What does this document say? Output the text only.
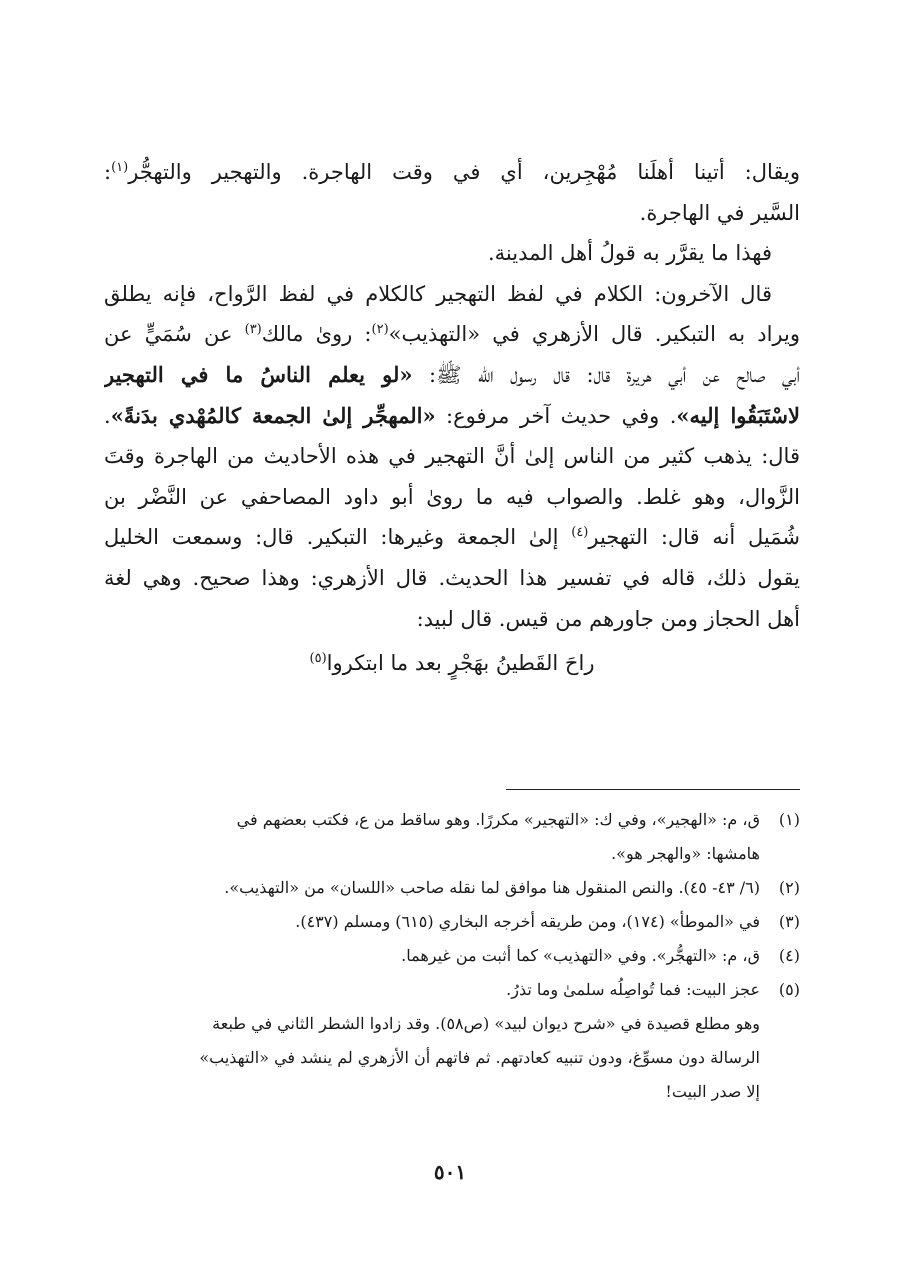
ويقال: أتينا أهلَنا مُهْجِرين، أي في وقت الهاجرة. والتهجير والتهجُّر$^{(١)}$:
السَّير في الهاجرة.

فهذا ما يقرَّر به قولُ أهل المدينة.

قال الآخرون: الكلام في لفظ التهجير كالكلام في لفظ الرَّواح، فإنه يطلق
ويراد به التبكير. قال الأزهري في «التهذيب»$^{(٢)}$: روىٰ مالك$^{(٣)}$ عن سُمَيٍّ عن
أبي صالح عن أبي هريرة قال: قال رسول الله ﷺ: «لو يعلم الناسُ ما في التهجير
لاسْتَبَقُوا إليه». وفي حديث آخر مرفوع: «المهجِّر إلىٰ الجمعة كالمُهْدي بدَنةً».
قال: يذهب كثير من الناس إلىٰ أنَّ التهجير في هذه الأحاديث من الهاجرة وقتَ
الزَّوال، وهو غلط. والصواب فيه ما روىٰ أبو داود المصاحفي عن النَّضْر بن
شُمَيل أنه قال: التهجير$^{(٤)}$ إلىٰ الجمعة وغيرها: التبكير. قال: وسمعت الخليل
يقول ذلك، قاله في تفسير هذا الحديث. قال الأزهري: وهذا صحيح. وهي لغة
أهل الحجاز ومن جاورهم من قيس. قال لبيد:

راحَ القَطينُ بهَجْرٍ بعد ما ابتكروا$^{(٥)}$
(١)
ق، م: «الهجير»، وفي ك: «التهجير» مكررًا. وهو ساقط من ع، فكتب بعضهم في
هامشها: «والهجر هو».
(٢)
(٦/ ٤٣- ٤٥). والنص المنقول هنا موافق لما نقله صاحب «اللسان» من «التهذيب».
(٣)
في «الموطأ» (١٧٤)، ومن طريقه أخرجه البخاري (٦١٥) ومسلم (٤٣٧).
(٤)
ق، م: «التهجُّر». وفي «التهذيب» كما أثبت من غيرهما.
(٥)
عجز البيت: فما تُواصِلُه سلمىٰ وما تذرُ.
وهو مطلع قصيدة في «شرح ديوان لبيد» (ص٥٨). وقد زادوا الشطر الثاني في طبعة
الرسالة دون مسوِّغ، ودون تنبيه كعادتهم. ثم فاتهم أن الأزهري لم ينشد في «التهذيب»
إلا صدر البيت!
٥٠١
